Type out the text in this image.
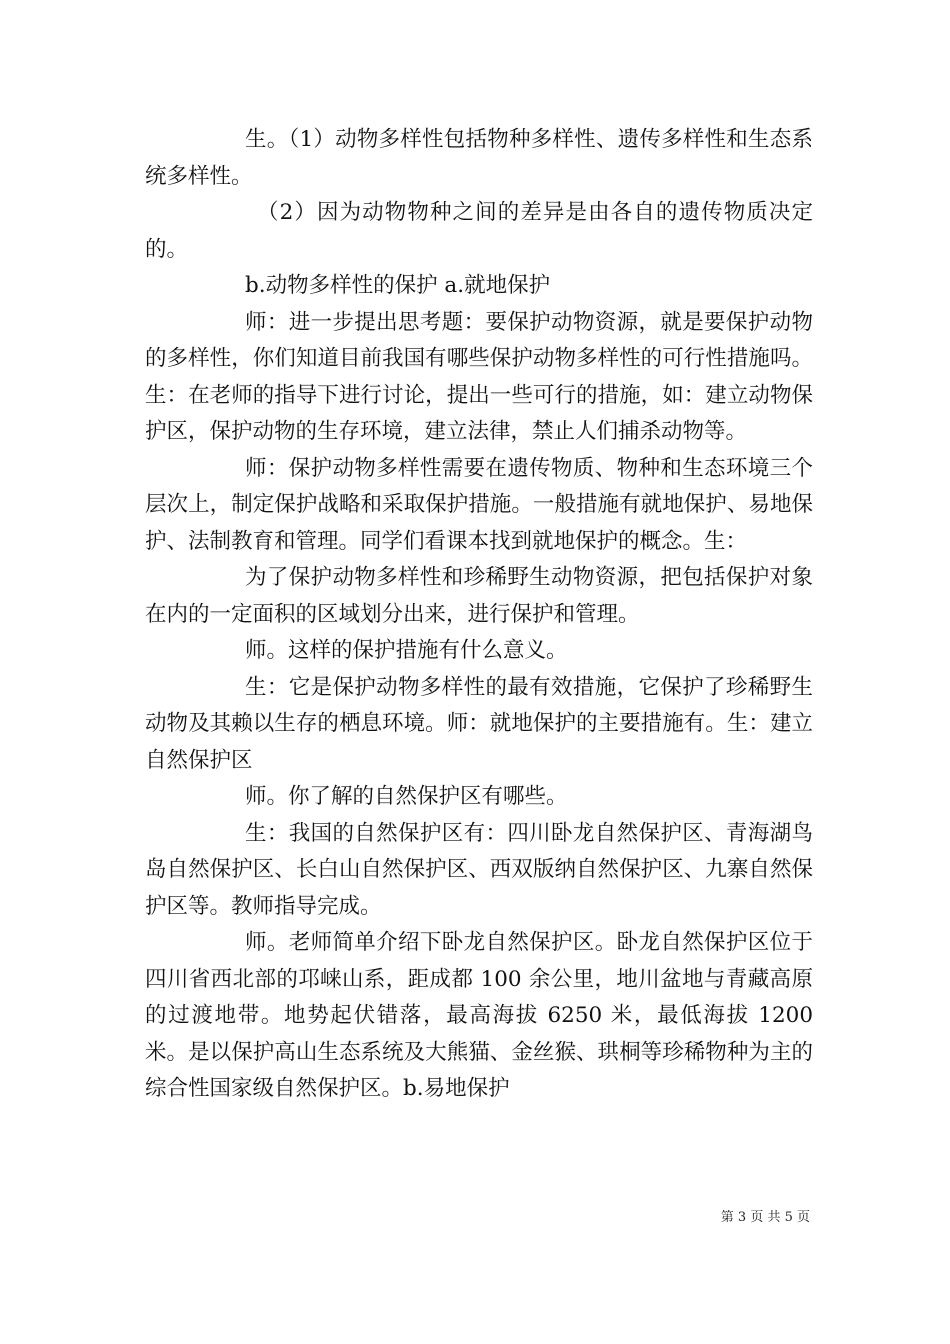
生。（1）动物多样性包括物种多样性、遗传多样性和生态系统多样性。

（2）因为动物物种之间的差异是由各自的遗传物质决定的。

b.动物多样性的保护 a.就地保护

师：进一步提出思考题：要保护动物资源，就是要保护动物的多样性，你们知道目前我国有哪些保护动物多样性的可行性措施吗。生：在老师的指导下进行讨论，提出一些可行的措施，如：建立动物保护区，保护动物的生存环境，建立法律，禁止人们捕杀动物等。

师：保护动物多样性需要在遗传物质、物种和生态环境三个层次上，制定保护战略和采取保护措施。一般措施有就地保护、易地保护、法制教育和管理。同学们看课本找到就地保护的概念。生：

为了保护动物多样性和珍稀野生动物资源，把包括保护对象在内的一定面积的区域划分出来，进行保护和管理。

师。这样的保护措施有什么意义。

生：它是保护动物多样性的最有效措施，它保护了珍稀野生动物及其赖以生存的栖息环境。师：就地保护的主要措施有。生：建立自然保护区

师。你了解的自然保护区有哪些。

生：我国的自然保护区有：四川卧龙自然保护区、青海湖鸟岛自然保护区、长白山自然保护区、西双版纳自然保护区、九寨自然保护区等。教师指导完成。

师。老师简单介绍下卧龙自然保护区。卧龙自然保护区位于四川省西北部的邛崃山系，距成都 100 余公里，地川盆地与青藏高原的过渡地带。地势起伏错落，最高海拔 6250 米，最低海拔 1200 米。是以保护高山生态系统及大熊猫、金丝猴、珙桐等珍稀物种为主的综合性国家级自然保护区。b.易地保护

第 3 页 共 5 页
